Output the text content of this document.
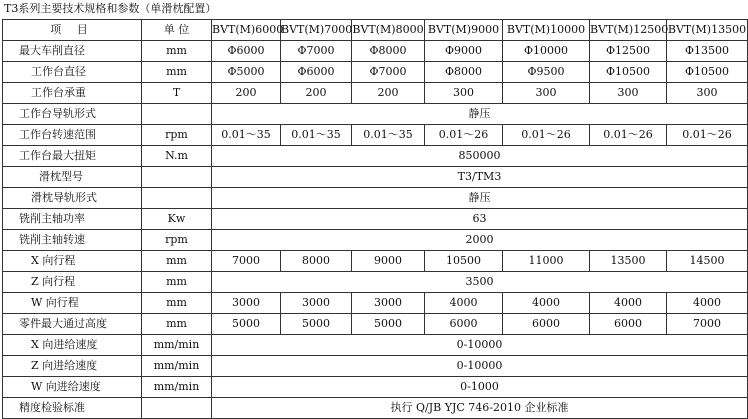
T3系列主要技术规格和参数（单滑枕配置）
项 目	单 位	BVT(M)6000	BVT(M)7000	BVT(M)8000	BVT(M)9000	BVT(M)10000	BVT(M)12500	BVT(M)13500
最大车削直径	mm	Φ6000	Φ7000	Φ8000	Φ9000	Φ10000	Φ12500	Φ13500
工作台直径	mm	Φ5000	Φ6000	Φ7000	Φ8000	Φ9500	Φ10500	Φ10500
工作台承重	T	200	200	200	300	300	300	300
工作台导轨形式		静压						
工作台转速范围	rpm	0.01～35	0.01～35	0.01～35	0.01～26	0.01～26	0.01～26	0.01～26
工作台最大扭矩	N.m	850000						
滑枕型号		T3/TM3						
滑枕导轨形式		静压						
铣削主轴功率	Kw	63						
铣削主轴转速	rpm	2000						
X 向行程	mm	7000	8000	9000	10500	11000	13500	14500
Z 向行程	mm	3500						
W 向行程	mm	3000	3000	3000	4000	4000	4000	4000
零件最大通过高度	mm	5000	5000	5000	6000	6000	6000	7000
X 向进给速度	mm/min	0-10000						
Z 向进给速度	mm/min	0-10000						
W 向进给速度	mm/min	0-1000						
精度检验标准		执行 Q/JB YJC 746-2010 企业标准						
